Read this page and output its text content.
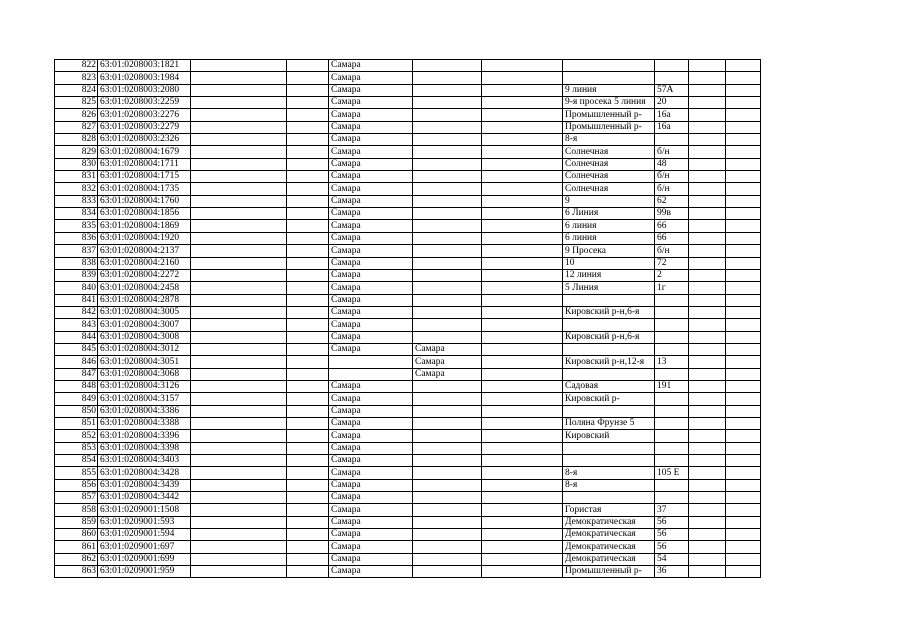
822	63:01:0208003:1821			Самара						
823	63:01:0208003:1984			Самара						
824	63:01:0208003:2080			Самара			9 линия	57А		
825	63:01:0208003:2259			Самара			9-я просека 5 линия	20		
826	63:01:0208003:2276			Самара			Промышленный р-	16а		
827	63:01:0208003:2279			Самара			Промышленный р-	16а		
828	63:01:0208003:2326			Самара			8-я			
829	63:01:0208004:1679			Самара			Солнечная	б/н		
830	63:01:0208004:1711			Самара			Солнечная	48		
831	63:01:0208004:1715			Самара			Солнечная	б/н		
832	63:01:0208004:1735			Самара			Солнечная	б/н		
833	63:01:0208004:1760			Самара			9	62		
834	63:01:0208004:1856			Самара			6 Линия	99в		
835	63:01:0208004:1869			Самара			6 линия	66		
836	63:01:0208004:1920			Самара			6 линия	66		
837	63:01:0208004:2137			Самара			9 Просека	б/н		
838	63:01:0208004:2160			Самара			10	72		
839	63:01:0208004:2272			Самара			12 линия	2		
840	63:01:0208004:2458			Самара			5 Линия	1г		
841	63:01:0208004:2878			Самара						
842	63:01:0208004:3005			Самара			Кировский р-н,6-я			
843	63:01:0208004:3007			Самара						
844	63:01:0208004:3008			Самара			Кировский р-н,6-я			
845	63:01:0208004:3012			Самара	Самара					
846	63:01:0208004:3051				Самара		Кировский р-н,12-я	13		
847	63:01:0208004:3068				Самара					
848	63:01:0208004:3126			Самара			Садовая	191		
849	63:01:0208004:3157			Самара			Кировский р-			
850	63:01:0208004:3386			Самара						
851	63:01:0208004:3388			Самара			Поляна Фрунзе 5			
852	63:01:0208004:3396			Самара			Кировский			
853	63:01:0208004:3398			Самара						
854	63:01:0208004:3403			Самара						
855	63:01:0208004:3428			Самара			8-я	105 Е		
856	63:01:0208004:3439			Самара			8-я			
857	63:01:0208004:3442			Самара						
858	63:01:0209001:1508			Самара			Гористая	37		
859	63:01:0209001:593			Самара			Демократическая	56		
860	63:01:0209001:594			Самара			Демократическая	56		
861	63:01:0209001:697			Самара			Демократическая	56		
862	63:01:0209001:699			Самара			Демократическая	54		
863	63:01:0209001:959			Самара			Промышленный р-	36		
